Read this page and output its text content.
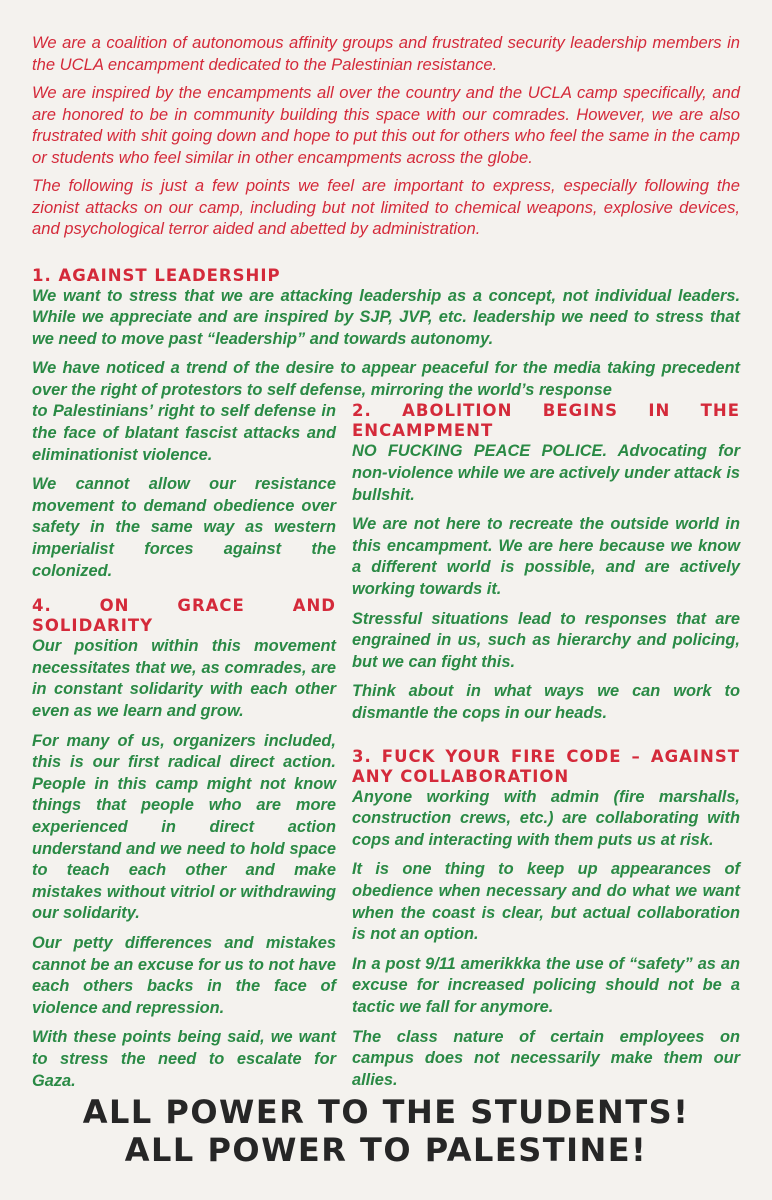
We are a coalition of autonomous affinity groups and frustrated security leadership members in the UCLA encampment dedicated to the Palestinian resistance.

We are inspired by the encampments all over the country and the UCLA camp specifically, and are honored to be in community building this space with our comrades. However, we are also frustrated with shit going down and hope to put this out for others who feel the same in the camp or students who feel similar in other encampments across the globe.

The following is just a few points we feel are important to express, especially following the zionist attacks on our camp, including but not limited to chemical weapons, explosive devices, and psychological terror aided and abetted by administration.

1. AGAINST LEADERSHIP

We want to stress that we are attacking leadership as a concept, not individual leaders. While we appreciate and are inspired by SJP, JVP, etc. leadership we need to stress that we need to move past “leadership” and towards autonomy.

We have noticed a trend of the desire to appear peaceful for the media taking precedent over the right of protestors to self defense, mirroring the world’s response

to Palestinians’ right to self defense in the face of blatant fascist attacks and eliminationist violence.

We cannot allow our resistance movement to demand obedience over safety in the same way as western imperialist forces against the colonized.

4. ON GRACE AND SOLIDARITY

Our position within this movement necessitates that we, as comrades, are in constant solidarity with each other even as we learn and grow.

For many of us, organizers included, this is our first radical direct action. People in this camp might not know things that people who are more experienced in direct action understand and we need to hold space to teach each other and make mistakes without vitriol or withdrawing our solidarity.

Our petty differences and mistakes cannot be an excuse for us to not have each others backs in the face of violence and repression.

With these points being said, we want to stress the need to escalate for Gaza.

2. ABOLITION BEGINS IN THE ENCAMPMENT

NO FUCKING PEACE POLICE. Advocating for non-violence while we are actively under attack is bullshit.

We are not here to recreate the outside world in this encampment. We are here because we know a different world is possible, and are actively working towards it.

Stressful situations lead to responses that are engrained in us, such as hierarchy and policing, but we can fight this.

Think about in what ways we can work to dismantle the cops in our heads.

3. FUCK YOUR FIRE CODE – AGAINST ANY COLLABORATION

Anyone working with admin (fire marshalls, construction crews, etc.) are collaborating with cops and interacting with them puts us at risk.

It is one thing to keep up appearances of obedience when necessary and do what we want when the coast is clear, but actual collaboration is not an option.

In a post 9/11 amerikkka the use of “safety” as an excuse for increased policing should not be a tactic we fall for anymore.

The class nature of certain employees on campus does not necessarily make them our allies.

ALL POWER TO THE STUDENTS!
ALL POWER TO PALESTINE!
